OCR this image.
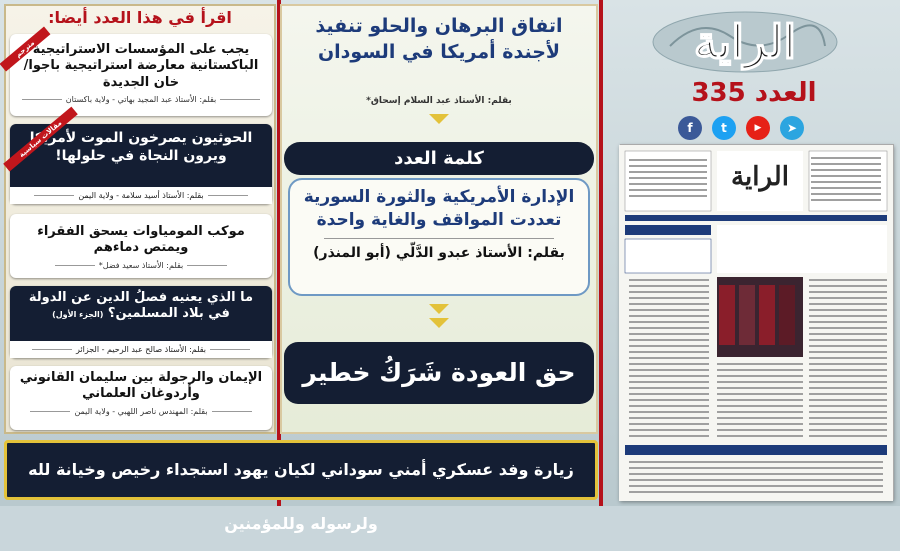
اقرأ في هذا العدد أيضا:
مترجم
يجب على المؤسسات الاستراتيجية الباكستانية معارضة استراتيجية باجوا/ خان الجديدة
بقلم: الأستاذ عبد المجيد بهاتي - ولاية باكستان
مقالات سياسية
الحوثيون يصرخون الموت لأمريكا ويرون النجاة في حلولها!
بقلم: الأستاذ أسيد سلامة - ولاية اليمن
موكب المومياوات يسحق الفقراء ويمتص دماءهم
بقلم: الأستاذ سعيد فضل*
ما الذي يعنيه فصلُ الدين عن الدولة في بلاد المسلمين؟ (الجزء الأول)
بقلم: الأستاذ صالح عبد الرحيم - الجزائر
الإيمان والرجولة بين سليمان القانوني وأردوغان العلماني
بقلم: المهندس ناصر اللهبي - ولاية اليمن
اتفاق البرهان والحلو تنفيذ لأجندة أمريكا في السودان
بقلم: الأستاذ عبد السلام إسحاق*
كلمة العدد
الإدارة الأمريكية والثورة السورية تعددت المواقف والغاية واحدة
بقلم: الأستاذ عبدو الدَّلّي (أبو المنذر)
حق العودة شَرَكُ خطير
زيارة وفد عسكري أمني سوداني لكيان يهود استجداء رخيص وخيانة لله ولرسوله وللمؤمنين
الراية
العدد 335
f	t	▶	➤
الراية
